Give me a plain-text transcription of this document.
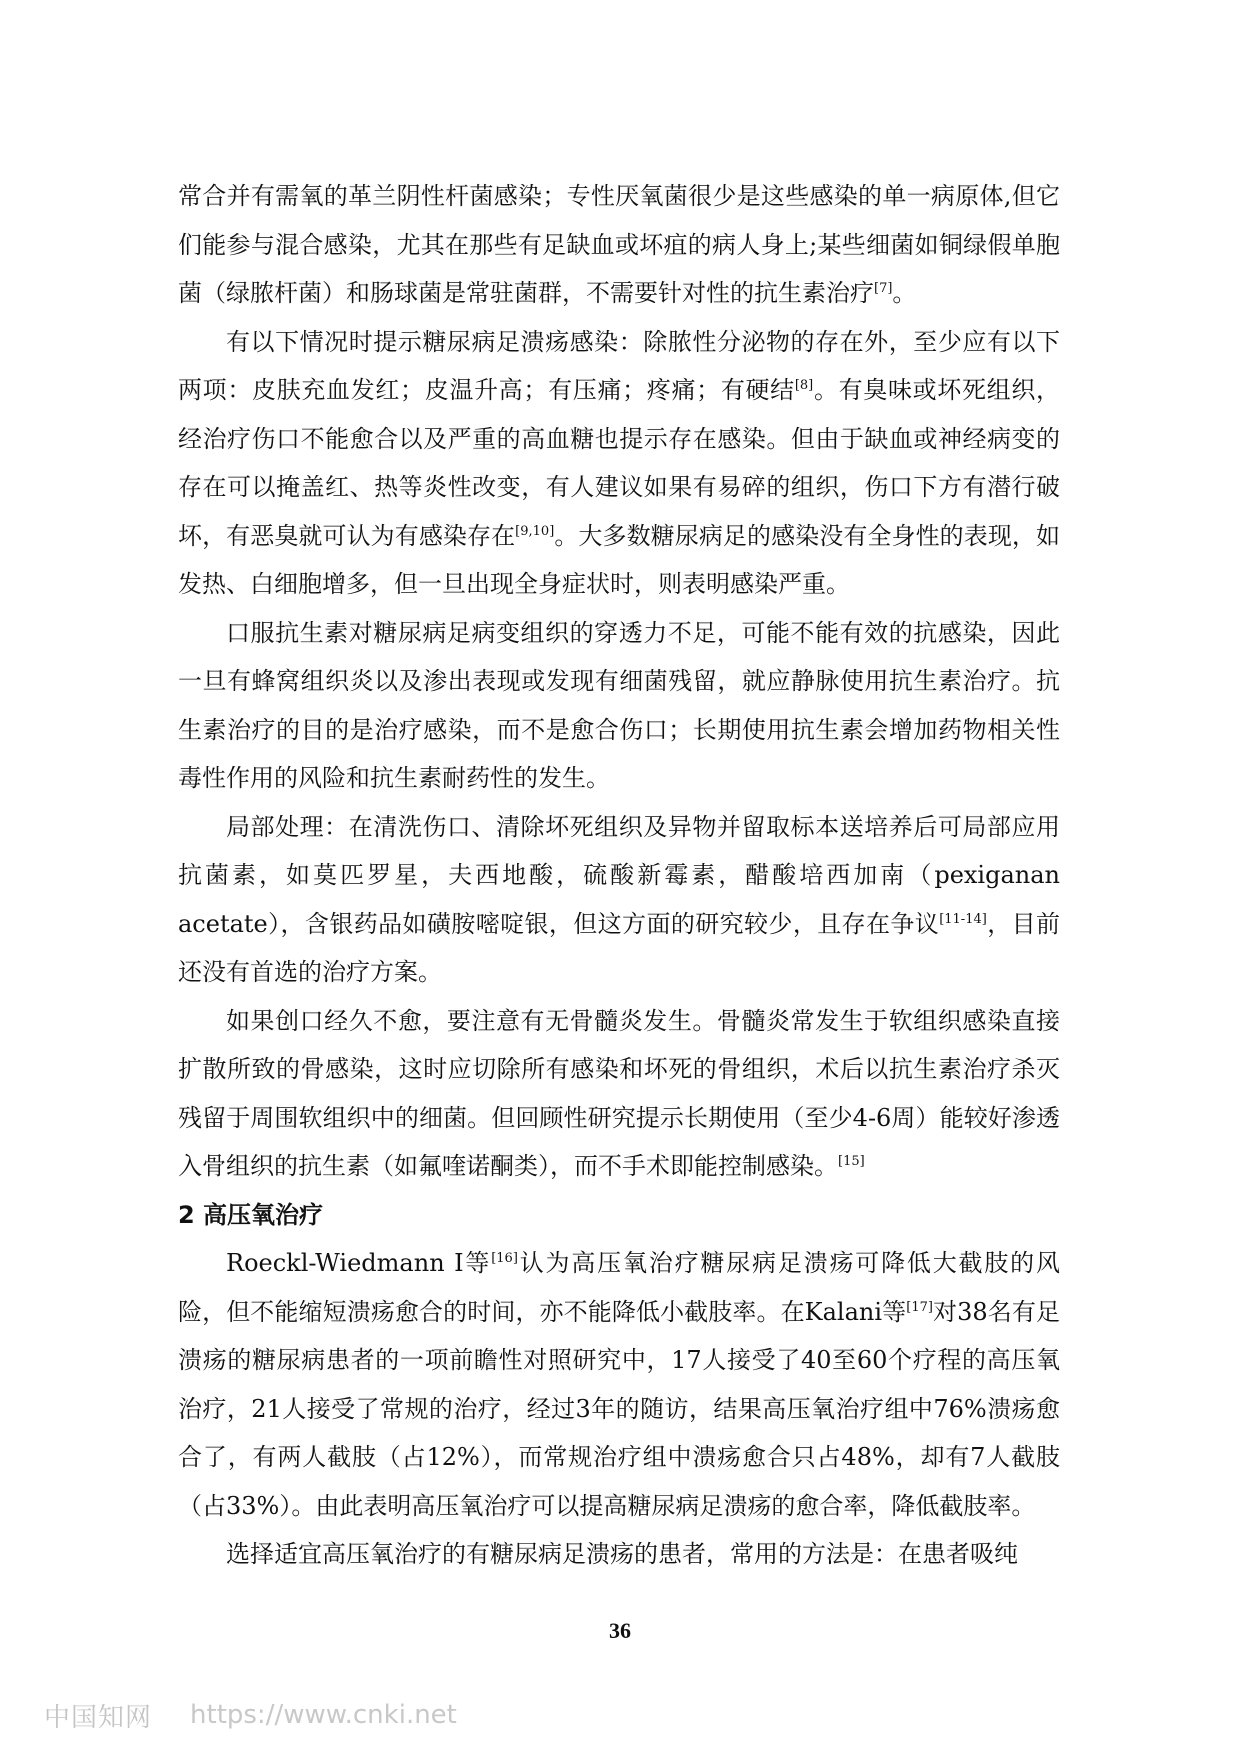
常合并有需氧的革兰阴性杆菌感染；专性厌氧菌很少是这些感染的单一病原体,但它们能参与混合感染，尤其在那些有足缺血或坏疽的病人身上;某些细菌如铜绿假单胞菌（绿脓杆菌）和肠球菌是常驻菌群，不需要针对性的抗生素治疗[7]。

有以下情况时提示糖尿病足溃疡感染：除脓性分泌物的存在外，至少应有以下两项：皮肤充血发红；皮温升高；有压痛；疼痛；有硬结[8]。有臭味或坏死组织，经治疗伤口不能愈合以及严重的高血糖也提示存在感染。但由于缺血或神经病变的存在可以掩盖红、热等炎性改变，有人建议如果有易碎的组织，伤口下方有潜行破坏，有恶臭就可认为有感染存在[9,10]。大多数糖尿病足的感染没有全身性的表现，如发热、白细胞增多，但一旦出现全身症状时，则表明感染严重。

口服抗生素对糖尿病足病变组织的穿透力不足，可能不能有效的抗感染，因此一旦有蜂窝组织炎以及渗出表现或发现有细菌残留，就应静脉使用抗生素治疗。抗生素治疗的目的是治疗感染，而不是愈合伤口；长期使用抗生素会增加药物相关性毒性作用的风险和抗生素耐药性的发生。

局部处理：在清洗伤口、清除坏死组织及异物并留取标本送培养后可局部应用抗菌素，如莫匹罗星，夫西地酸，硫酸新霉素，醋酸培西加南（pexiganan acetate），含银药品如磺胺嘧啶银，但这方面的研究较少，且存在争议[11-14]，目前还没有首选的治疗方案。

如果创口经久不愈，要注意有无骨髓炎发生。骨髓炎常发生于软组织感染直接扩散所致的骨感染，这时应切除所有感染和坏死的骨组织，术后以抗生素治疗杀灭残留于周围软组织中的细菌。但回顾性研究提示长期使用（至少4-6周）能较好渗透入骨组织的抗生素（如氟喹诺酮类），而不手术即能控制感染。[15]

2 高压氧治疗

Roeckl-Wiedmann I等[16]认为高压氧治疗糖尿病足溃疡可降低大截肢的风险，但不能缩短溃疡愈合的时间，亦不能降低小截肢率。在Kalani等[17]对38名有足溃疡的糖尿病患者的一项前瞻性对照研究中，17人接受了40至60个疗程的高压氧治疗，21人接受了常规的治疗，经过3年的随访，结果高压氧治疗组中76%溃疡愈合了，有两人截肢（占12%），而常规治疗组中溃疡愈合只占48%，却有7人截肢（占33%）。由此表明高压氧治疗可以提高糖尿病足溃疡的愈合率，降低截肢率。

选择适宜高压氧治疗的有糖尿病足溃疡的患者，常用的方法是：在患者吸纯

36
中国知网 https://www.cnki.net
